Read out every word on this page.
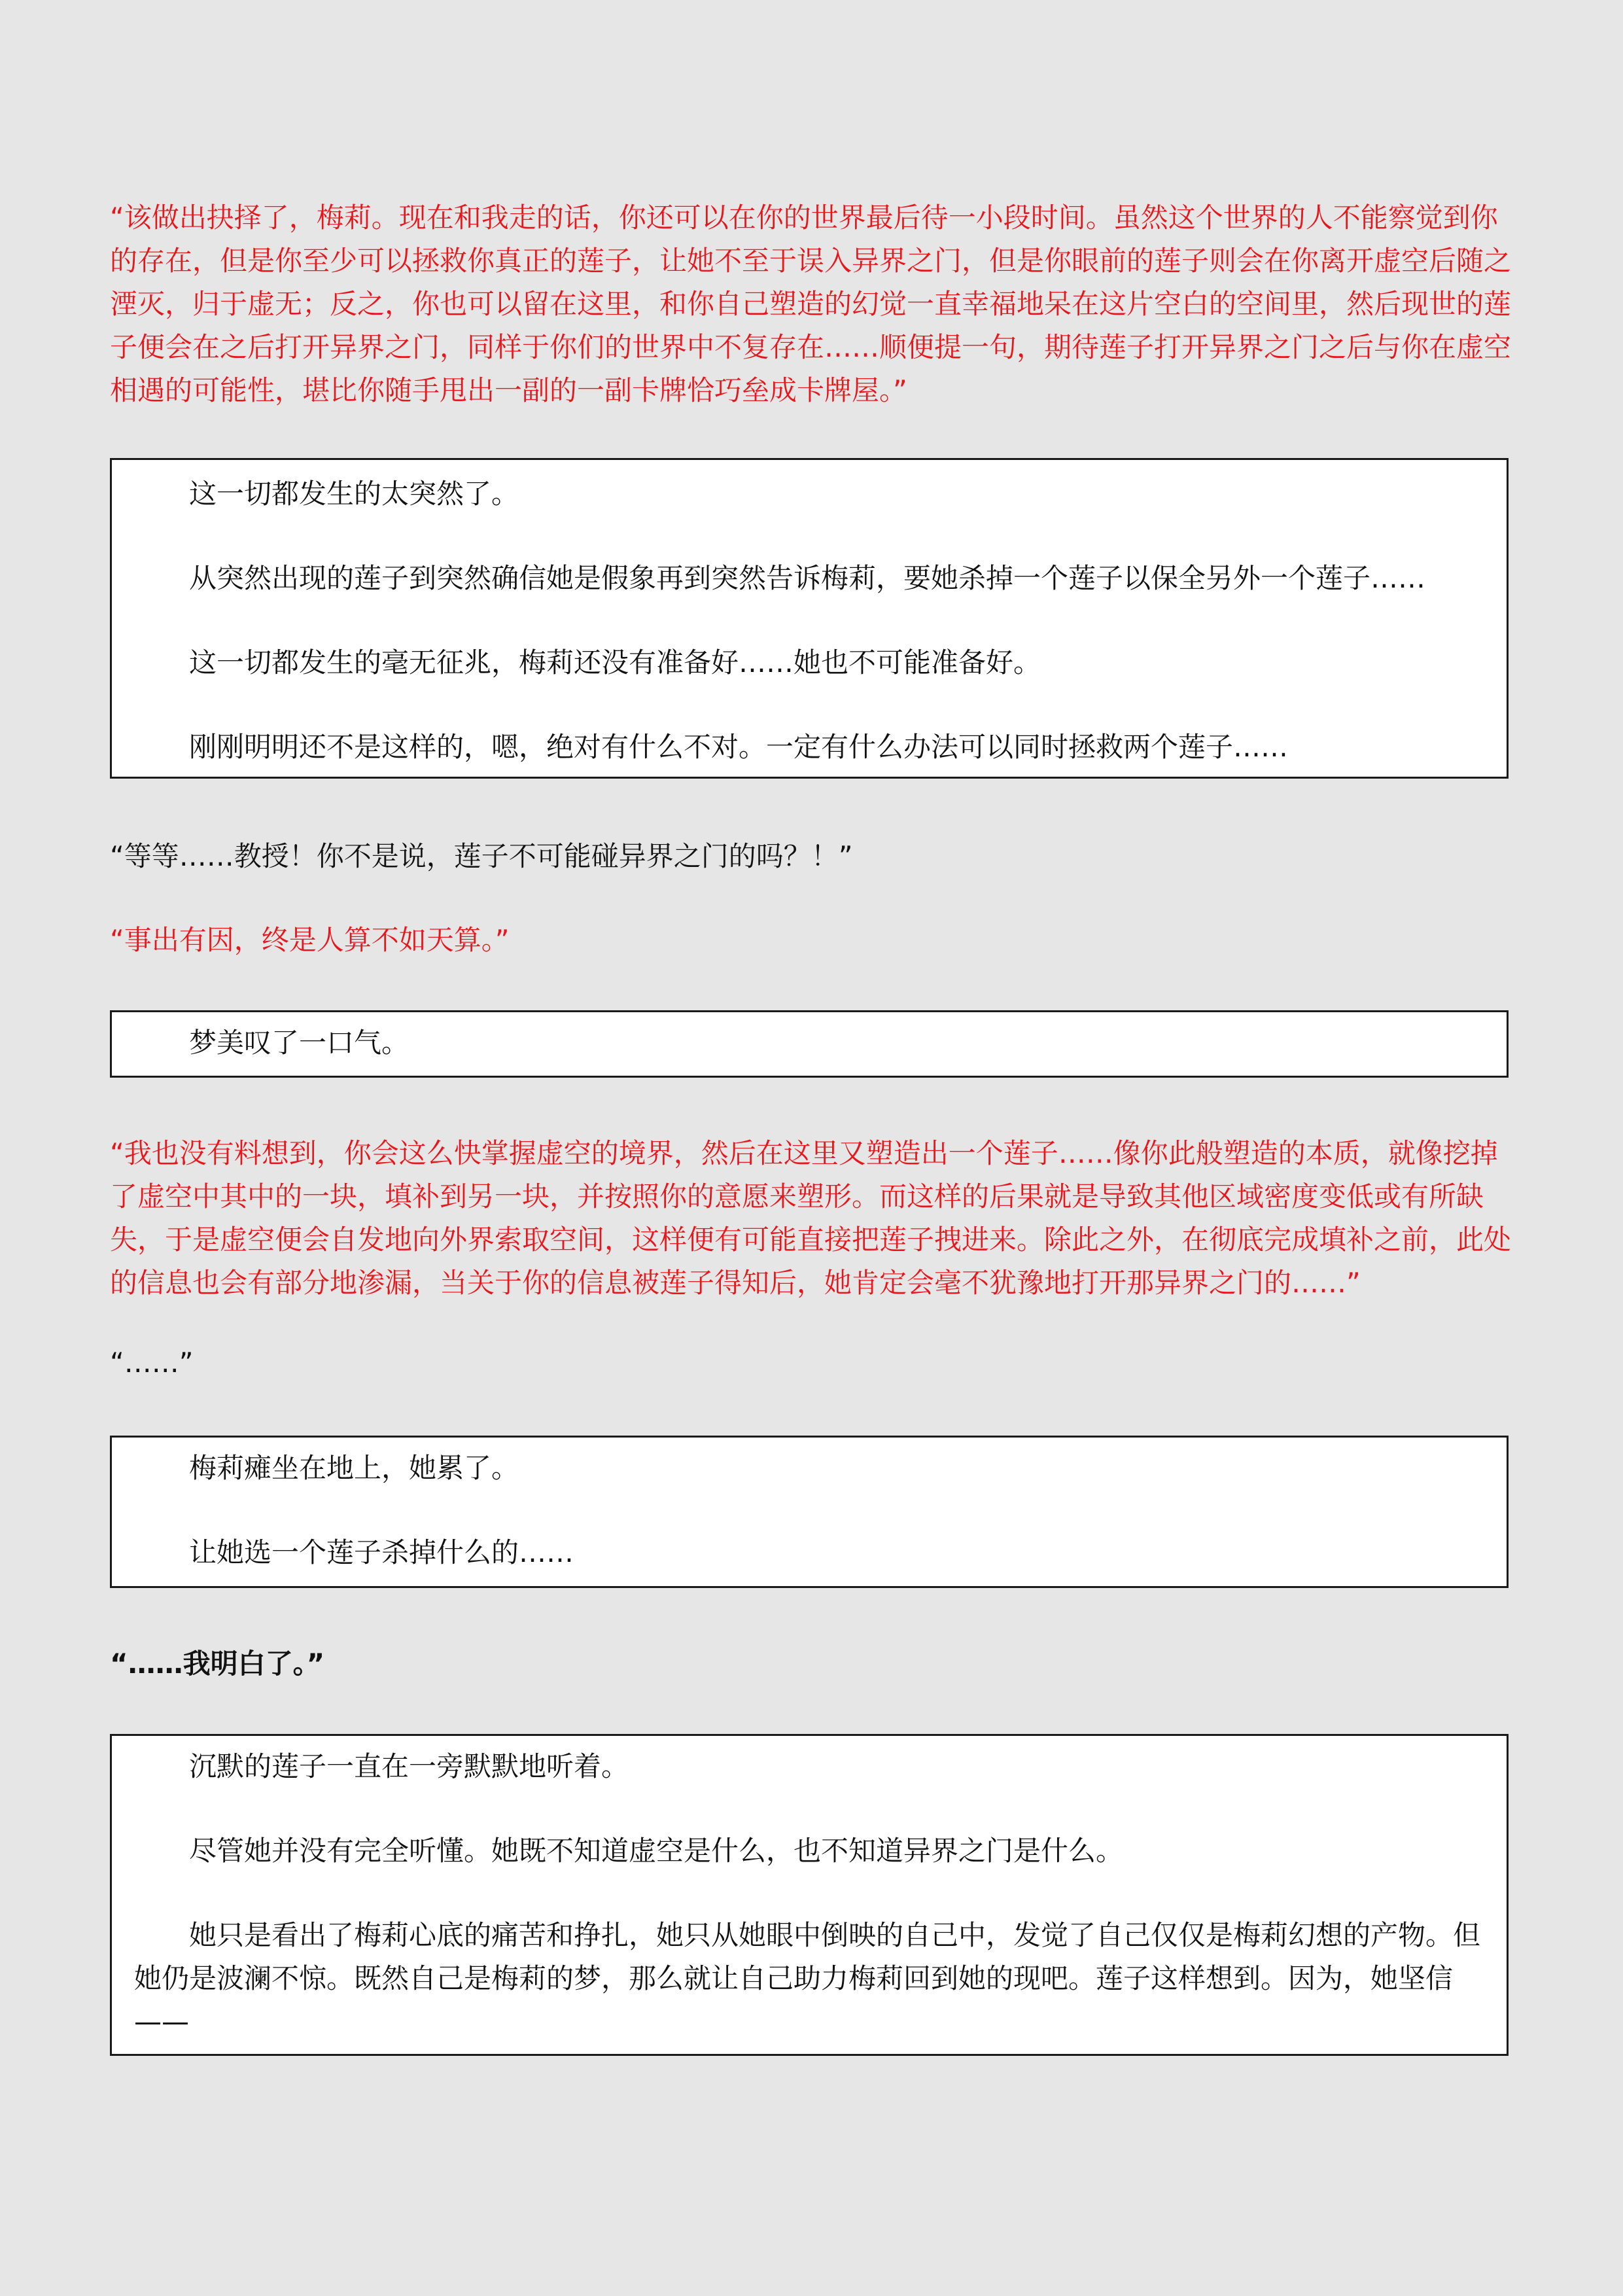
“该做出抉择了，梅莉。现在和我走的话，你还可以在你的世界最后待一小段时间。虽然这个世界的人不能察觉到你的存在，但是你至少可以拯救你真正的莲子，让她不至于误入异界之门，但是你眼前的莲子则会在你离开虚空后随之湮灭，归于虚无；反之，你也可以留在这里，和你自己塑造的幻觉一直幸福地呆在这片空白的空间里，然后现世的莲子便会在之后打开异界之门，同样于你们的世界中不复存在……顺便提一句，期待莲子打开异界之门之后与你在虚空相遇的可能性，堪比你随手甩出一副的一副卡牌恰巧垒成卡牌屋。”

这一切都发生的太突然了。

从突然出现的莲子到突然确信她是假象再到突然告诉梅莉，要她杀掉一个莲子以保全另外一个莲子……

这一切都发生的毫无征兆，梅莉还没有准备好……她也不可能准备好。

刚刚明明还不是这样的，嗯，绝对有什么不对。一定有什么办法可以同时拯救两个莲子……

“等等……教授！你不是说，莲子不可能碰异界之门的吗？！”

“事出有因，终是人算不如天算。”

梦美叹了一口气。

“我也没有料想到，你会这么快掌握虚空的境界，然后在这里又塑造出一个莲子……像你此般塑造的本质，就像挖掉了虚空中其中的一块，填补到另一块，并按照你的意愿来塑形。而这样的后果就是导致其他区域密度变低或有所缺失，于是虚空便会自发地向外界索取空间，这样便有可能直接把莲子拽进来。除此之外，在彻底完成填补之前，此处的信息也会有部分地渗漏，当关于你的信息被莲子得知后，她肯定会毫不犹豫地打开那异界之门的……”

“……”

梅莉瘫坐在地上，她累了。

让她选一个莲子杀掉什么的……

“……我明白了。”

沉默的莲子一直在一旁默默地听着。

尽管她并没有完全听懂。她既不知道虚空是什么，也不知道异界之门是什么。

她只是看出了梅莉心底的痛苦和挣扎，她只从她眼中倒映的自己中，发觉了自己仅仅是梅莉幻想的产物。但她仍是波澜不惊。既然自己是梅莉的梦，那么就让自己助力梅莉回到她的现吧。莲子这样想到。因为，她坚信——
